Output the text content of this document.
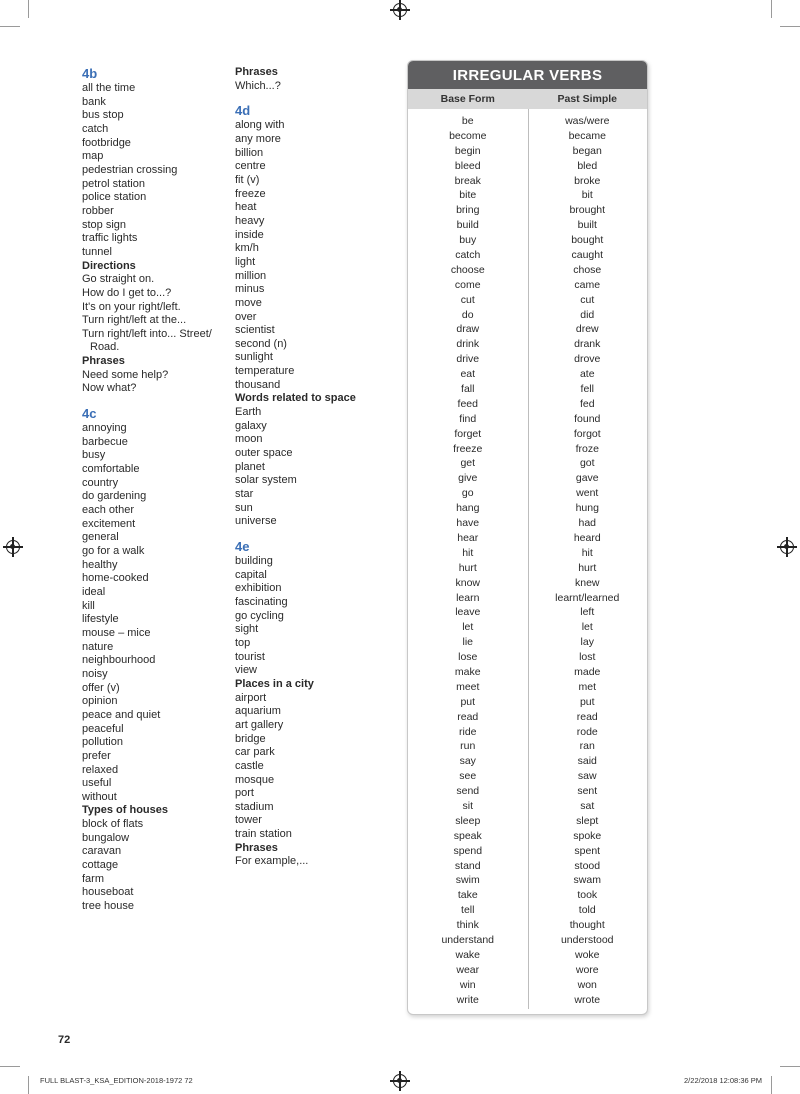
4b
all the time
bank
bus stop
catch
footbridge
map
pedestrian crossing
petrol station
police station
robber
stop sign
traffic lights
tunnel
Directions
Go straight on.
How do I get to...?
It's on your right/left.
Turn right/left at the...
Turn right/left into... Street/
Road.
Phrases
Need some help?
Now what?
4c
annoying
barbecue
busy
comfortable
country
do gardening
each other
excitement
general
go for a walk
healthy
home-cooked
ideal
kill
lifestyle
mouse – mice
nature
neighbourhood
noisy
offer (v)
opinion
peace and quiet
peaceful
pollution
prefer
relaxed
useful
without
Types of houses
block of flats
bungalow
caravan
cottage
farm
houseboat
tree house
Phrases
Which...?
4d
along with
any more
billion
centre
fit (v)
freeze
heat
heavy
inside
km/h
light
million
minus
move
over
scientist
second (n)
sunlight
temperature
thousand
Words related to space
Earth
galaxy
moon
outer space
planet
solar system
star
sun
universe
4e
building
capital
exhibition
fascinating
go cycling
sight
top
tourist
view
Places in a city
airport
aquarium
art gallery
bridge
car park
castle
mosque
port
stadium
tower
train station
Phrases
For example,...
IRREGULAR VERBS
Base Form	Past Simple
be
become
begin
bleed
break
bite
bring
build
buy
catch
choose
come
cut
do
draw
drink
drive
eat
fall
feed
find
forget
freeze
get
give
go
hang
have
hear
hit
hurt
know
learn
leave
let
lie
lose
make
meet
put
read
ride
run
say
see
send
sit
sleep
speak
spend
stand
swim
take
tell
think
understand
wake
wear
win
write
was/were
became
began
bled
broke
bit
brought
built
bought
caught
chose
came
cut
did
drew
drank
drove
ate
fell
fed
found
forgot
froze
got
gave
went
hung
had
heard
hit
hurt
knew
learnt/learned
left
let
lay
lost
made
met
put
read
rode
ran
said
saw
sent
sat
slept
spoke
spent
stood
swam
took
told
thought
understood
woke
wore
won
wrote
72
FULL BLAST-3_KSA_EDITION-2018-1972 72	2/22/2018 12:08:36 PM
